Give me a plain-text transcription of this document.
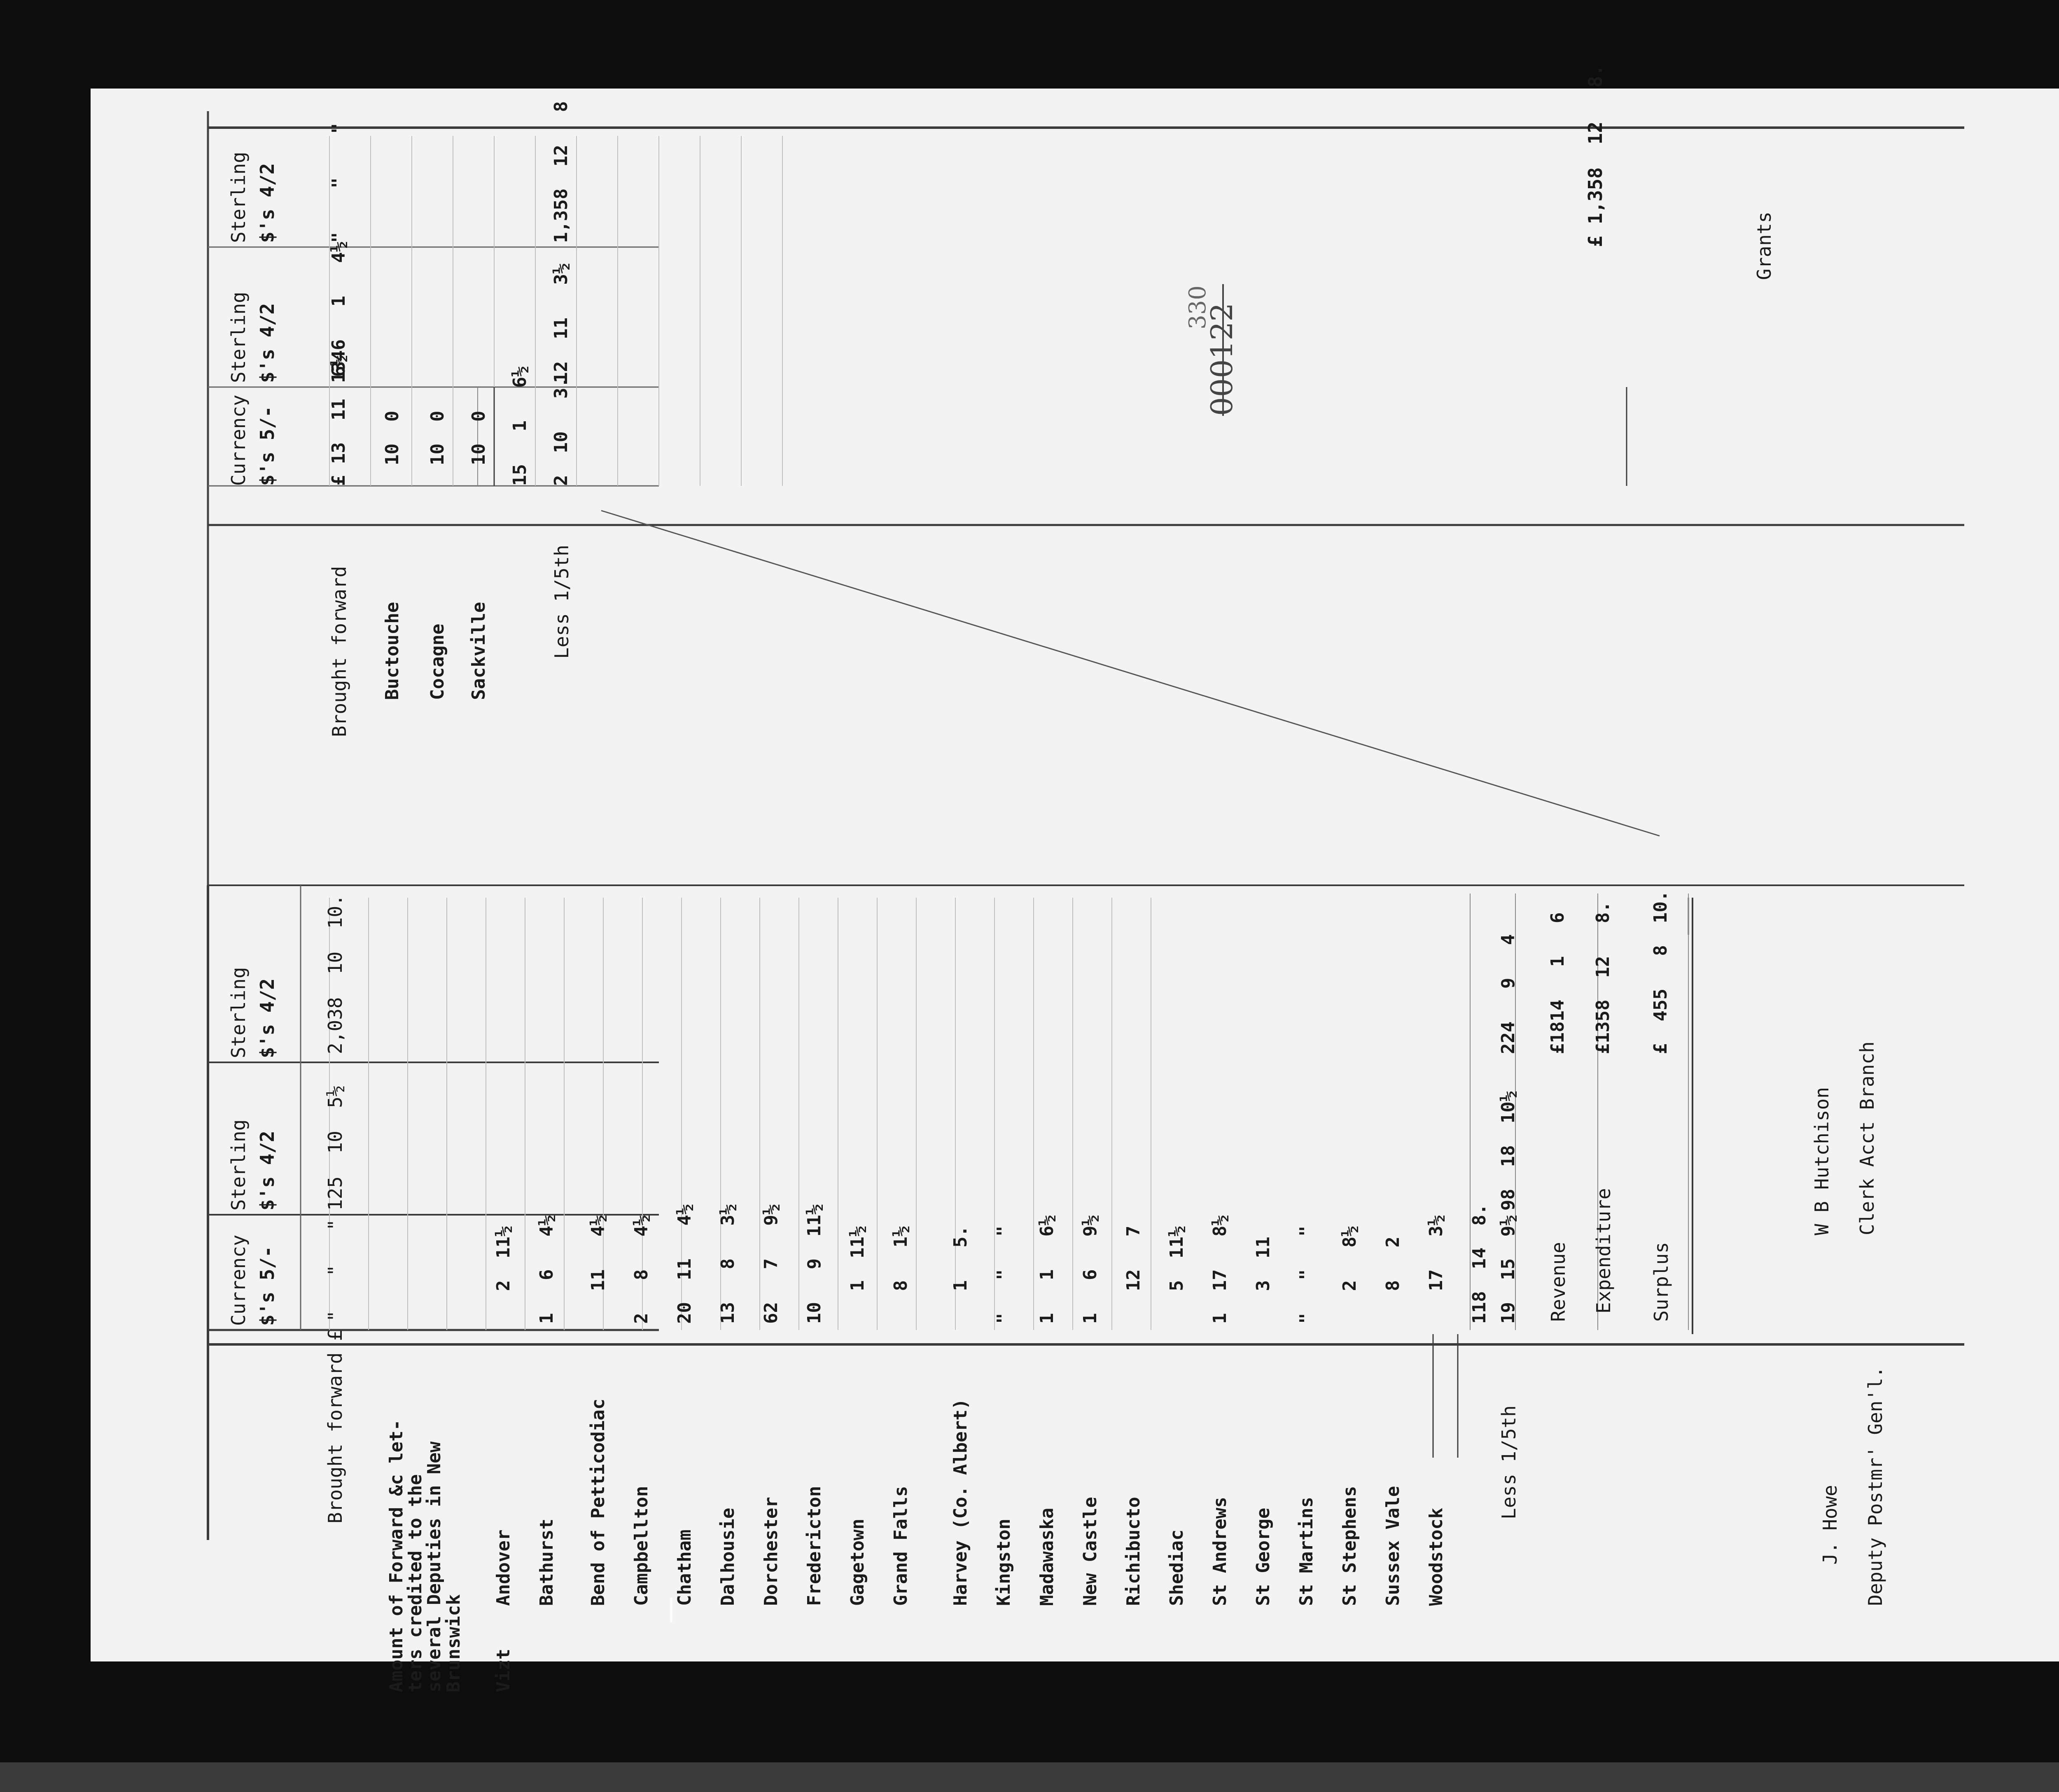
Currency $'s 5/-
Sterling $'s 4/2
Sterling $'s 4/2
Brought forward £
"   "   "
125  10  5½
2,038  10  10.
Amount of Forward &c let-
ters credited to the
several Deputies in New
Brunswick Vizt
Andover
2  11½
Bathurst
1   6   4½
Bend of Petticodiac
11   4½
Campbellton
2   8   4½
Chatham
20  11   4½
Dalhousie
13   8   3½
Dorchester
62   7   9½
Fredericton
10   9  11½
Gagetown
1  11½
Grand Falls
8   1½
Harvey (Co. Albert)
1   5.
Kingston
"   "   "
Madawaska
1   1   6½
New Castle
1   6   9½
Richibucto
12   7
Shediac
5  11½
St Andrews
1  17   8½
St George
3  11
St Martins
"   "   "
St Stephens
2   8½
Sussex Vale
8   2
Woodstock
17   3½ 118  14  8.
Less 1/5th
19  15  9½
98  18  10½
224   9   4
Revenue
£1814   1   6
Expenditure
£1358  12   8.
Surplus
£  455   8  10.
J. Howe Deputy Postmr' Gen'l.
W B Hutchison Clerk Acct Branch
Currency $'s 5/-
Sterling $'s 4/2
Sterling $'s 4/2
Brought forward
£ 13  11  6½
1346   1   4½
"    "    "
Buctouche
10  0
Cocagne
10  0
Sackville
10  0 15   1   6½
Less 1/5th
2  10   3.
12  11   3½
1,358  12   8	£ 1,358  12   8.	Grants
000122
330
